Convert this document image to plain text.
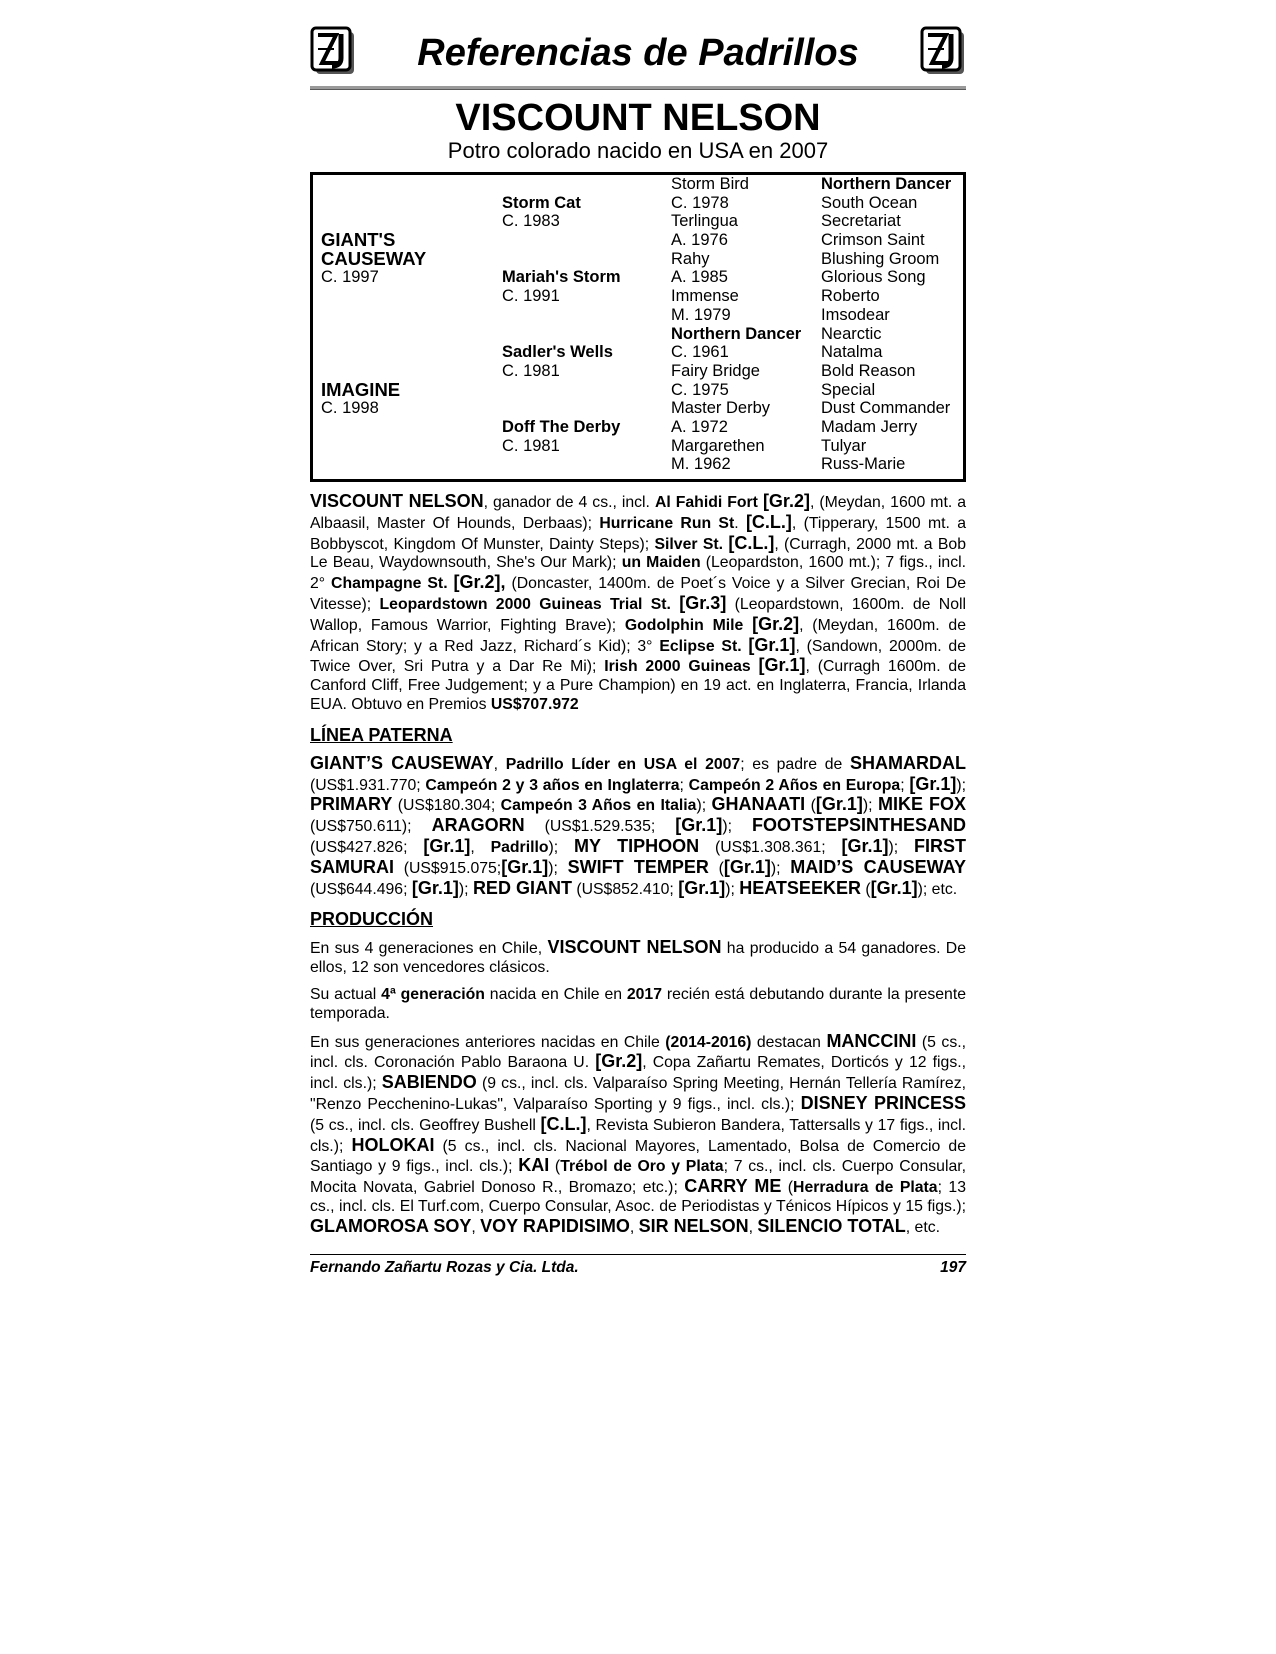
Referencias de Padrillos
VISCOUNT NELSON
Potro colorado nacido en USA en 2007
GIANT'S
CAUSEWAY
C. 1997
IMAGINE
C. 1998
Storm Cat
C. 1983
Mariah's Storm
C. 1991
Sadler's Wells
C. 1981
Doff The Derby
C. 1981
Storm Bird
C. 1978
Terlingua
A. 1976
Rahy
A. 1985
Immense
M. 1979
Northern Dancer
C. 1961
Fairy Bridge
C. 1975
Master Derby
A. 1972
Margarethen
M. 1962
Northern Dancer
South Ocean
Secretariat
Crimson Saint
Blushing Groom
Glorious Song
Roberto
Imsodear
Nearctic
Natalma
Bold Reason
Special
Dust Commander
Madam Jerry
Tulyar
Russ-Marie

VISCOUNT NELSON, ganador de 4 cs., incl. Al Fahidi Fort [Gr.2], (Meydan, 1600 mt. a Albaasil, Master Of Hounds, Derbaas); Hurricane Run St. [C.L.], (Tipperary, 1500 mt. a Bobbyscot, Kingdom Of Munster, Dainty Steps); Silver St. [C.L.], (Curragh, 2000 mt. a Bob Le Beau, Waydownsouth, She's Our Mark); un Maiden (Leopardston, 1600 mt.); 7 figs., incl. 2° Champagne St. [Gr.2], (Doncaster, 1400m. de Poet´s Voice y a Silver Grecian, Roi De Vitesse); Leopardstown 2000 Guineas Trial St. [Gr.3] (Leopardstown, 1600m. de Noll Wallop, Famous Warrior, Fighting Brave); Godolphin Mile [Gr.2], (Meydan, 1600m. de African Story; y a Red Jazz, Richard´s Kid); 3° Eclipse St. [Gr.1], (Sandown, 2000m. de Twice Over, Sri Putra y a Dar Re Mi); Irish 2000 Guineas [Gr.1], (Curragh 1600m. de Canford Cliff, Free Judgement; y a Pure Champion) en 19 act. en Inglaterra, Francia, Irlanda EUA. Obtuvo en Premios US$707.972

LÍNEA PATERNA

GIANT’S CAUSEWAY, Padrillo Líder en USA el 2007; es padre de SHAMARDAL (US$1.931.770; Campeón 2 y 3 años en Inglaterra; Campeón 2 Años en Europa; [Gr.1]); PRIMARY (US$180.304; Campeón 3 Años en Italia); GHANAATI ([Gr.1]); MIKE FOX (US$750.611); ARAGORN (US$1.529.535; [Gr.1]); FOOTSTEPSINTHESAND (US$427.826; [Gr.1], Padrillo); MY TIPHOON (US$1.308.361; [Gr.1]); FIRST SAMURAI (US$915.075;[Gr.1]); SWIFT TEMPER ([Gr.1]); MAID’S CAUSEWAY (US$644.496; [Gr.1]); RED GIANT (US$852.410; [Gr.1]); HEATSEEKER ([Gr.1]); etc.

PRODUCCIÓN

En sus 4 generaciones en Chile, VISCOUNT NELSON ha producido a 54 ganadores. De ellos, 12 son vencedores clásicos.

Su actual 4ª generación nacida en Chile en 2017 recién está debutando durante la presente temporada.

En sus generaciones anteriores nacidas en Chile (2014-2016) destacan MANCCINI (5 cs., incl. cls. Coronación Pablo Baraona U. [Gr.2], Copa Zañartu Remates, Dorticós y 12 figs., incl. cls.); SABIENDO (9 cs., incl. cls. Valparaíso Spring Meeting, Hernán Tellería Ramírez, "Renzo Pecchenino-Lukas", Valparaíso Sporting y 9 figs., incl. cls.); DISNEY PRINCESS (5 cs., incl. cls. Geoffrey Bushell [C.L.], Revista Subieron Bandera, Tattersalls y 17 figs., incl. cls.); HOLOKAI (5 cs., incl. cls. Nacional Mayores, Lamentado, Bolsa de Comercio de Santiago y 9 figs., incl. cls.); KAI (Trébol de Oro y Plata; 7 cs., incl. cls. Cuerpo Consular, Mocita Novata, Gabriel Donoso R., Bromazo; etc.); CARRY ME (Herradura de Plata; 13 cs., incl. cls. El Turf.com, Cuerpo Consular, Asoc. de Periodistas y Ténicos Hípicos y 15 figs.); GLAMOROSA SOY, VOY RAPIDISIMO, SIR NELSON, SILENCIO TOTAL, etc.

Fernando Zañartu Rozas y Cia. Ltda.	197
